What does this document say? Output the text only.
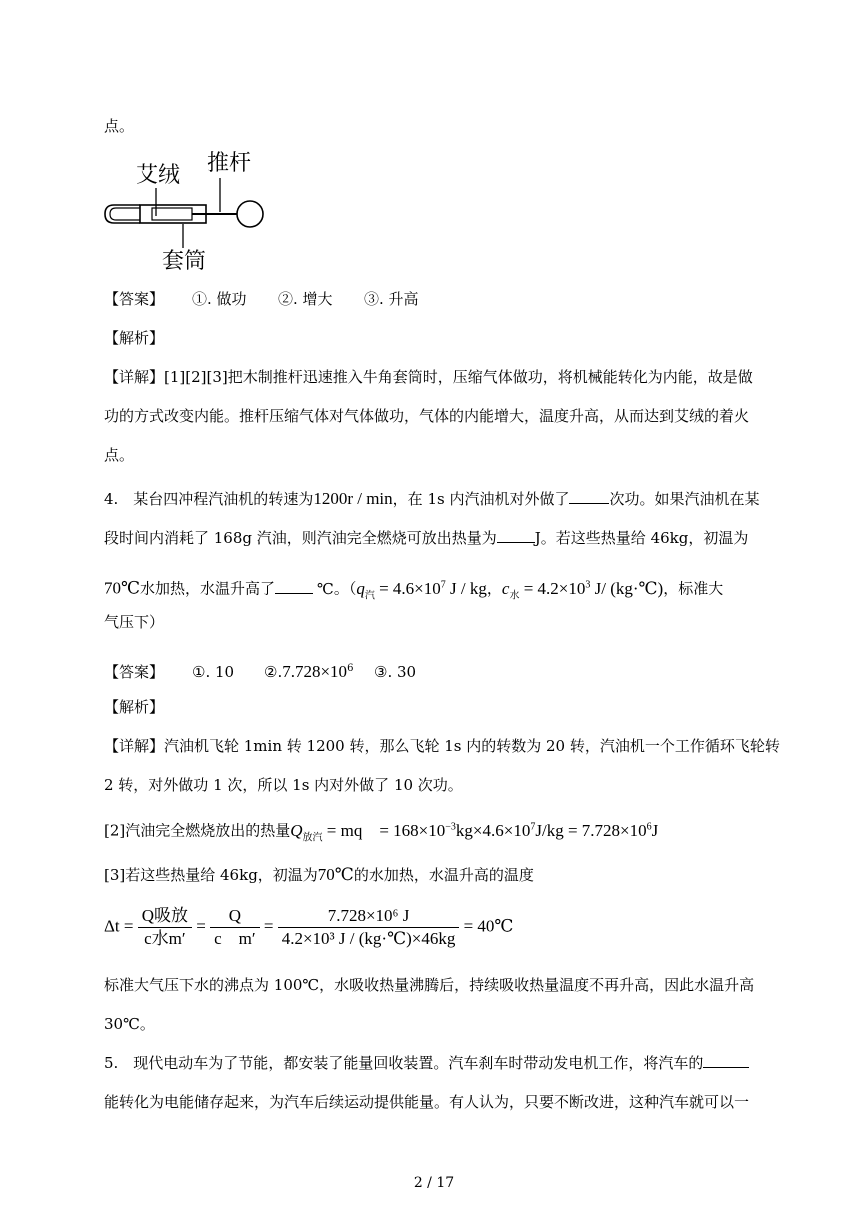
点。
艾绒 推杆
套筒
【答案】 ①. 做功 ②. 增大 ③. 升高
【解析】
【详解】[1][2][3]把木制推杆迅速推入牛角套筒时，压缩气体做功，将机械能转化为内能，故是做
功的方式改变内能。推杆压缩气体对气体做功，气体的内能增大，温度升高，从而达到艾绒的着火
点。
4.　某台四冲程汽油机的转速为1200r / min，在 1s 内汽油机对外做了	次功。如果汽油机在某
段时间内消耗了 168g 汽油，则汽油完全燃烧可放出热量为	J。若这些热量给 46kg，初温为
70℃水加热，水温升高了	℃。（$q_汽 = 4.6\times 10^7$ J / kg，$c_水 = 4.2\times 10^3$ J/ (kg·℃)，标准大
气压下）
【答案】 ①. 10 $②.7.728\times 10^6$ ③. 30
【解析】
【详解】汽油机飞轮 1min 转 1200 转，那么飞轮 1s 内的转数为 20 转，汽油机一个工作循环飞轮转
2 转，对外做功 1 次，所以 1s 内对外做了 10 次功。
[2]汽油完全燃烧放出的热量$Q_{放汽}$ = mq　= $168\times 10^{-3}kg\times 4.6\times 10^7J/kg = 7.728\times 10^6J$
[3]若这些热量给 46kg，初温为70℃的水加热，水温升高的温度
$\Delta t = \frac{\text{Q吸放}}{\text{c水m′}} = \frac{Q}{\text{c　m′}} = \frac{\text{7.728×10⁶ J}}{\text{4.2×10³ J / (kg·℃)×46kg}}$ = 40℃
标准大气压下水的沸点为 100℃，水吸收热量沸腾后，持续吸收热量温度不再升高，因此水温升高
30℃。
5.　现代电动车为了节能，都安装了能量回收装置。汽车刹车时带动发电机工作，将汽车的
能转化为电能储存起来，为汽车后续运动提供能量。有人认为，只要不断改进，这种汽车就可以一
2 / 17
